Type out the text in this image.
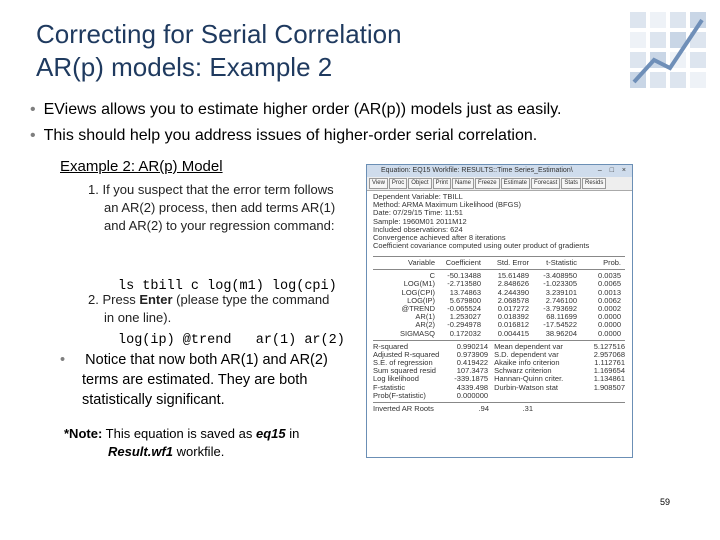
Correcting for Serial Correlation
AR(p) models: Example 2
• EViews allows you to estimate higher order (AR(p)) models just as easily.
• This should help you address issues of higher-order serial correlation.
Example 2: AR(p) Model
1. If you suspect that the error term follows
an AR(2) process, then add terms AR(1)
and AR(2) to your regression command:

ls tbill c log(m1) log(cpi)

log(ip) @trend   ar(1) ar(2)

2. Press Enter (please type the command
in one line).
• Notice that now both AR(1) and AR(2)
terms are estimated. They are both
statistically significant.
*Note: This equation is saved as eq15 in
Result.wf1 workfile.
59
Equation: EQ15 Workfile: RESULTS::Time Series_Estimation\	– □ ×
View	Proc	Object	Print	Name	Freeze	Estimate	Forecast	Stats	Resids
Dependent Variable: TBILL
Method: ARMA Maximum Likelihood (BFGS)
Date: 07/29/15 Time: 11:51
Sample: 1960M01 2011M12
Included observations: 624
Convergence achieved after 8 iterations
Coefficient covariance computed using outer product of gradients
Variable	Coefficient	Std. Error	t-Statistic	Prob.
C	-50.13488	15.61489	-3.408950	0.0035
LOG(M1)	-2.713580	2.848626	-1.023305	0.0065
LOG(CPI)	13.74863	4.244390	3.239101	0.0013
LOG(IP)	5.679800	2.068578	2.746100	0.0062
@TREND	-0.065524	0.017272	-3.793692	0.0002
AR(1)	1.253027	0.018392	68.11699	0.0000
AR(2)	-0.294978	0.016812	-17.54522	0.0000
SIGMASQ	0.172032	0.004415	38.96204	0.0000
R-squared	0.990214 Mean dependent var	5.127516
Adjusted R-squared	0.973909 S.D. dependent var	2.957068
S.E. of regression	0.419422 Akaike info criterion	1.112761
Sum squared resid	107.3473 Schwarz criterion	1.169654
Log likelihood	-339.1875 Hannan-Quinn criter.	1.134861
F-statistic	4339.498 Durbin-Watson stat	1.908507
Prob(F-statistic)	0.000000
Inverted AR Roots	.94	.31
